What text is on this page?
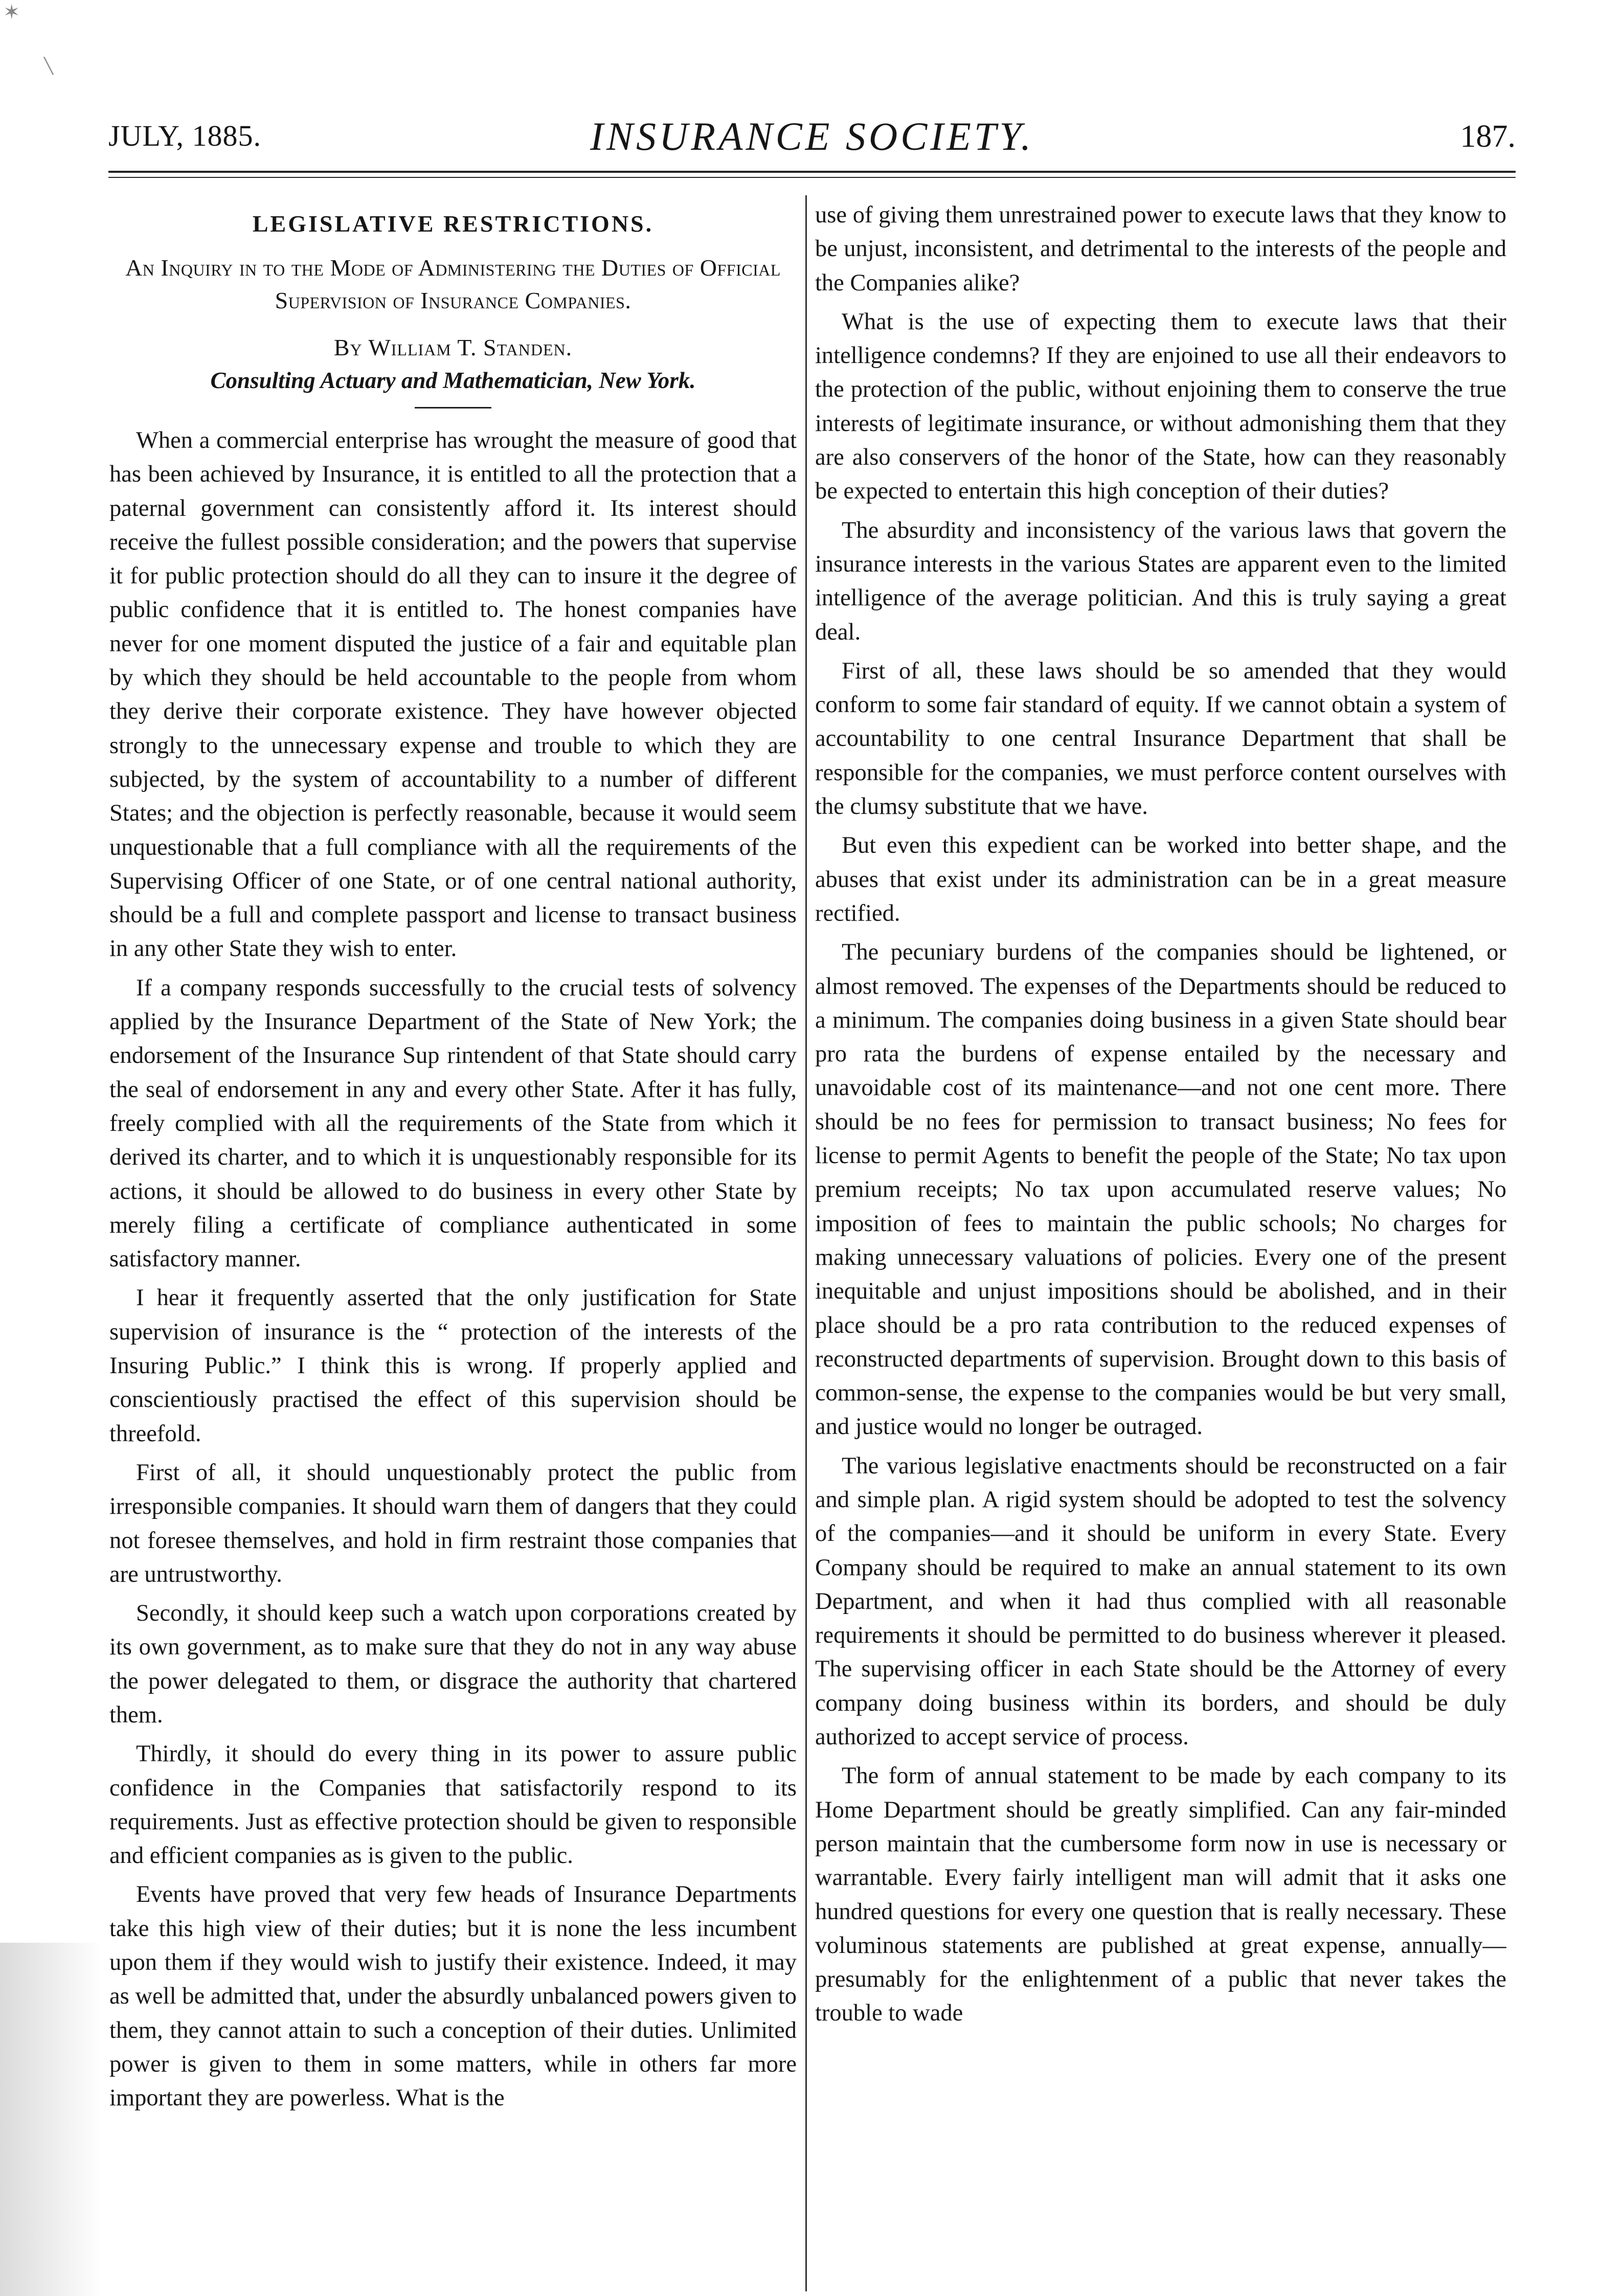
✶
╲
JULY, 1885.	INSURANCE SOCIETY.	187.
LEGISLATIVE RESTRICTIONS.
An Inquiry in to the Mode of Administering the Duties of Official Supervision of Insurance Companies.
By William T. Standen.
Consulting Actuary and Mathematician, New York.

When a commercial enterprise has wrought the measure of good that has been achieved by Insurance, it is entitled to all the protection that a paternal government can consistently afford it. Its interest should receive the fullest possible consideration; and the powers that supervise it for public protection should do all they can to insure it the degree of public confidence that it is entitled to. The honest companies have never for one moment disputed the justice of a fair and equitable plan by which they should be held accountable to the people from whom they derive their corporate existence. They have however objected strongly to the unnecessary expense and trouble to which they are subjected, by the system of accountability to a number of different States; and the objection is perfectly reasonable, because it would seem unquestionable that a full compliance with all the requirements of the Supervising Officer of one State, or of one central national authority, should be a full and complete passport and license to transact business in any other State they wish to enter.

If a company responds successfully to the crucial tests of solvency applied by the Insurance Department of the State of New York; the endorsement of the Insurance Sup rintendent of that State should carry the seal of endorsement in any and every other State. After it has fully, freely complied with all the requirements of the State from which it derived its charter, and to which it is unquestionably responsible for its actions, it should be allowed to do business in every other State by merely filing a certificate of compliance authenticated in some satisfactory manner.

I hear it frequently asserted that the only justification for State supervision of insurance is the “ protection of the interests of the Insuring Public.” I think this is wrong. If properly applied and conscientiously practised the effect of this supervision should be threefold.

First of all, it should unquestionably protect the public from irresponsible companies. It should warn them of dangers that they could not foresee themselves, and hold in firm restraint those companies that are untrustworthy.

Secondly, it should keep such a watch upon corporations created by its own government, as to make sure that they do not in any way abuse the power delegated to them, or disgrace the authority that chartered them.

Thirdly, it should do every thing in its power to assure public confidence in the Companies that satisfactorily respond to its requirements. Just as effective protection should be given to responsible and efficient companies as is given to the public.

Events have proved that very few heads of Insurance Departments take this high view of their duties; but it is none the less incumbent upon them if they would wish to justify their existence. Indeed, it may as well be admitted that, under the absurdly unbalanced powers given to them, they cannot attain to such a conception of their duties. Unlimited power is given to them in some matters, while in others far more important they are powerless. What is the

use of giving them unrestrained power to execute laws that they know to be unjust, inconsistent, and detrimental to the interests of the people and the Companies alike?

What is the use of expecting them to execute laws that their intelligence condemns? If they are enjoined to use all their endeavors to the protection of the public, without enjoining them to conserve the true interests of legitimate insurance, or without admonishing them that they are also conservers of the honor of the State, how can they reasonably be expected to entertain this high conception of their duties?

The absurdity and inconsistency of the various laws that govern the insurance interests in the various States are apparent even to the limited intelligence of the average politician. And this is truly saying a great deal.

First of all, these laws should be so amended that they would conform to some fair standard of equity. If we cannot obtain a system of accountability to one central Insurance Department that shall be responsible for the companies, we must perforce content ourselves with the clumsy substitute that we have.

But even this expedient can be worked into better shape, and the abuses that exist under its administration can be in a great measure rectified.

The pecuniary burdens of the companies should be lightened, or almost removed. The expenses of the Departments should be reduced to a minimum. The companies doing business in a given State should bear pro rata the burdens of expense entailed by the necessary and unavoidable cost of its maintenance—and not one cent more. There should be no fees for permission to transact business; No fees for license to permit Agents to benefit the people of the State; No tax upon premium receipts; No tax upon accumulated reserve values; No imposition of fees to maintain the public schools; No charges for making unnecessary valuations of policies. Every one of the present inequitable and unjust impositions should be abolished, and in their place should be a pro rata contribution to the reduced expenses of reconstructed departments of supervision. Brought down to this basis of common-sense, the expense to the companies would be but very small, and justice would no longer be outraged.

The various legislative enactments should be reconstructed on a fair and simple plan. A rigid system should be adopted to test the solvency of the companies—and it should be uniform in every State. Every Company should be required to make an annual statement to its own Department, and when it had thus complied with all reasonable requirements it should be permitted to do business wherever it pleased. The supervising officer in each State should be the Attorney of every company doing business within its borders, and should be duly authorized to accept service of process.

The form of annual statement to be made by each company to its Home Department should be greatly simplified. Can any fair-minded person maintain that the cumbersome form now in use is necessary or warrantable. Every fairly intelligent man will admit that it asks one hundred questions for every one question that is really necessary. These voluminous statements are published at great expense, annually—presumably for the enlightenment of a public that never takes the trouble to wade
